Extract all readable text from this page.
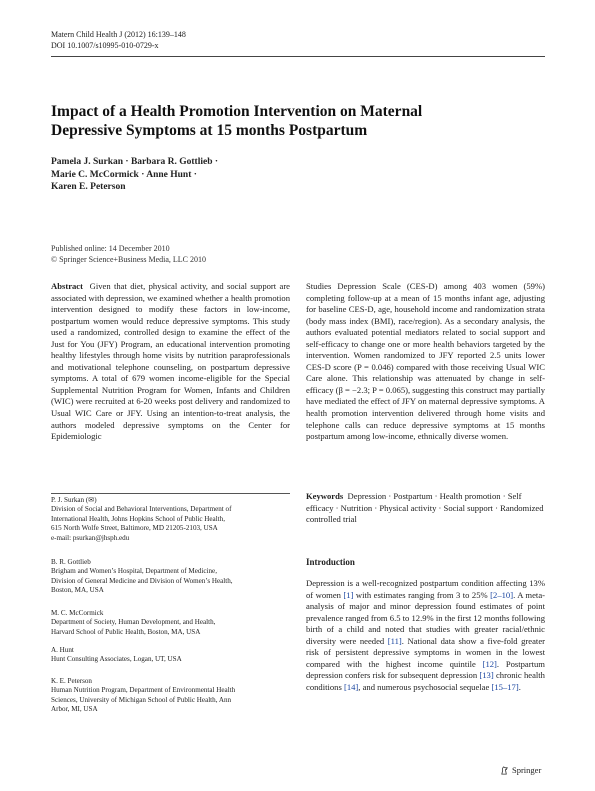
Matern Child Health J (2012) 16:139–148
DOI 10.1007/s10995-010-0729-x
Impact of a Health Promotion Intervention on Maternal
Depressive Symptoms at 15 months Postpartum
Pamela J. Surkan · Barbara R. Gottlieb ·
Marie C. McCormick · Anne Hunt ·
Karen E. Peterson
Published online: 14 December 2010
© Springer Science+Business Media, LLC 2010
Abstract Given that diet, physical activity, and social support are associated with depression, we examined whether a health promotion intervention designed to modify these factors in low-income, postpartum women would reduce depressive symptoms. This study used a randomized, controlled design to examine the effect of the Just for You (JFY) Program, an educational intervention promoting healthy lifestyles through home visits by nutrition paraprofessionals and motivational telephone counseling, on postpartum depressive symptoms. A total of 679 women income-eligible for the Special Supplemental Nutrition Program for Women, Infants and Children (WIC) were recruited at 6-20 weeks post delivery and randomized to Usual WIC Care or JFY. Using an intention-to-treat analysis, the authors modeled depressive symptoms on the Center for Epidemiologic
Studies Depression Scale (CES-D) among 403 women (59%) completing follow-up at a mean of 15 months infant age, adjusting for baseline CES-D, age, household income and randomization strata (body mass index (BMI), race/region). As a secondary analysis, the authors evaluated potential mediators related to social support and self-efficacy to change one or more health behaviors targeted by the intervention. Women randomized to JFY reported 2.5 units lower CES-D score (P = 0.046) compared with those receiving Usual WIC Care alone. This relationship was attenuated by change in self-efficacy (β = −2.3; P = 0.065), suggesting this construct may partially have mediated the effect of JFY on maternal depressive symptoms. A health promotion intervention delivered through home visits and telephone calls can reduce depressive symptoms at 15 months postpartum among low-income, ethnically diverse women.
Keywords Depression · Postpartum · Health promotion · Self efficacy · Nutrition · Physical activity · Social support · Randomized controlled trial
P. J. Surkan (✉)
Division of Social and Behavioral Interventions, Department of
International Health, Johns Hopkins School of Public Health,
615 North Wolfe Street, Baltimore, MD 21205-2103, USA
e-mail: psurkan@jhsph.edu
B. R. Gottlieb
Brigham and Women’s Hospital, Department of Medicine,
Division of General Medicine and Division of Women’s Health,
Boston, MA, USA
M. C. McCormick
Department of Society, Human Development, and Health,
Harvard School of Public Health, Boston, MA, USA
A. Hunt
Hunt Consulting Associates, Logan, UT, USA
K. E. Peterson
Human Nutrition Program, Department of Environmental Health
Sciences, University of Michigan School of Public Health, Ann
Arbor, MI, USA
Introduction
Depression is a well-recognized postpartum condition affecting 13% of women [1] with estimates ranging from 3 to 25% [2–10]. A meta-analysis of major and minor depression found estimates of point prevalence ranged from 6.5 to 12.9% in the first 12 months following birth of a child and noted that studies with greater racial/ethnic diversity were needed [11]. National data show a five-fold greater risk of persistent depressive symptoms in women in the lowest compared with the highest income quintile [12]. Postpartum depression confers risk for subsequent depression [13] chronic health conditions [14], and numerous psychosocial sequelae [15–17].
Springer
